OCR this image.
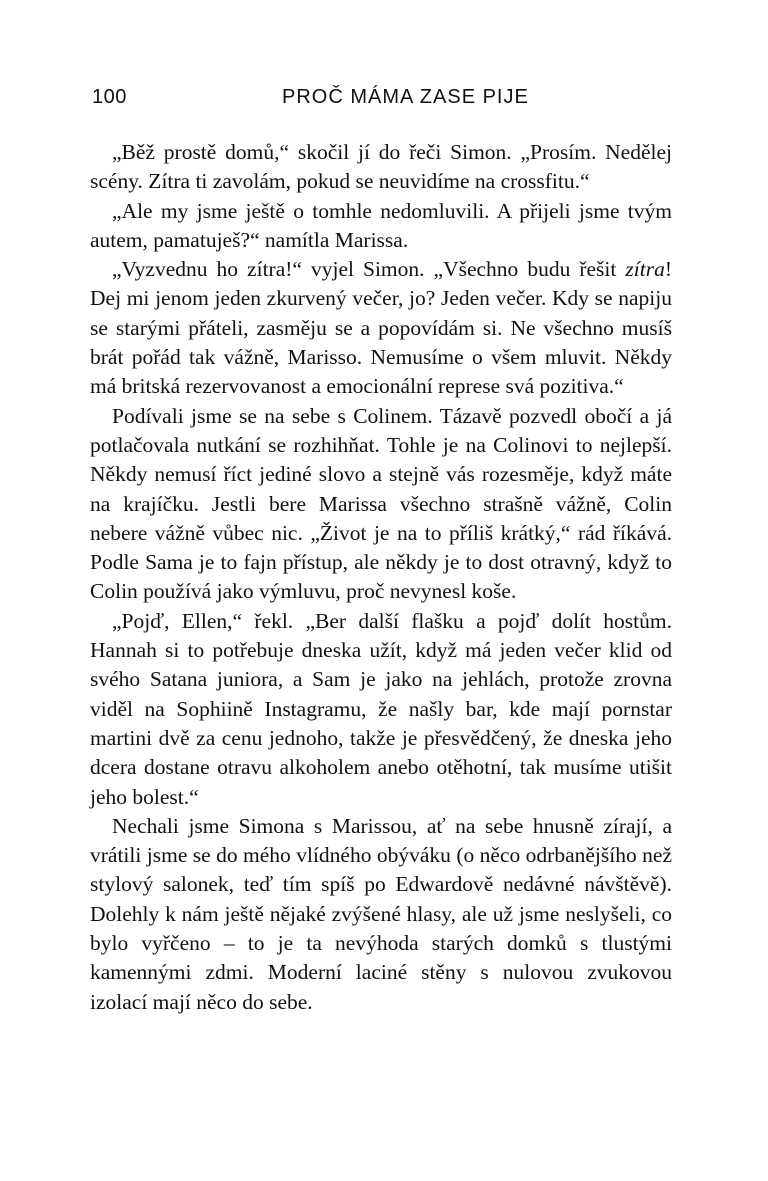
100	PROČ MÁMA ZASE PIJE

„Běž prostě domů,“ skočil jí do řeči Simon. „Prosím. Nedělej scény. Zítra ti zavolám, pokud se neuvidíme na crossfitu.“

„Ale my jsme ještě o tomhle nedomluvili. A přijeli jsme tvým autem, pamatuješ?“ namítla Marissa.

„Vyzvednu ho zítra!“ vyjel Simon. „Všechno budu řešit zítra! Dej mi jenom jeden zkurvený večer, jo? Jeden večer. Kdy se napiju se starými přáteli, zasměju se a popovídám si. Ne všechno musíš brát pořád tak vážně, Marisso. Nemusíme o všem mluvit. Někdy má britská rezervovanost a emocionální represe svá pozitiva.“

Podívali jsme se na sebe s Colinem. Tázavě pozvedl obočí a já potlačovala nutkání se rozhihňat. Tohle je na Colinovi to nejlepší. Někdy nemusí říct jediné slovo a stejně vás rozesměje, když máte na krajíčku. Jestli bere Marissa všechno strašně vážně, Colin nebere vážně vůbec nic. „Život je na to příliš krátký,“ rád říkává. Podle Sama je to fajn přístup, ale někdy je to dost otravný, když to Colin používá jako výmluvu, proč nevynesl koše.

„Pojď, Ellen,“ řekl. „Ber další flašku a pojď dolít hostům. Hannah si to potřebuje dneska užít, když má jeden večer klid od svého Satana juniora, a Sam je jako na jehlách, protože zrovna viděl na Sophiině Instagramu, že našly bar, kde mají pornstar martini dvě za cenu jednoho, takže je přesvědčený, že dneska jeho dcera dostane otravu alkoholem anebo otěhotní, tak musíme utišit jeho bolest.“

Nechali jsme Simona s Marissou, ať na sebe hnusně zírají, a vrátili jsme se do mého vlídného obýváku (o něco odrbanějšího než stylový salonek, teď tím spíš po Edwardově nedávné návštěvě). Dolehly k nám ještě nějaké zvýšené hlasy, ale už jsme neslyšeli, co bylo vyřčeno – to je ta nevýhoda starých domků s tlustými kamennými zdmi. Moderní laciné stěny s nulovou zvukovou izolací mají něco do sebe.
